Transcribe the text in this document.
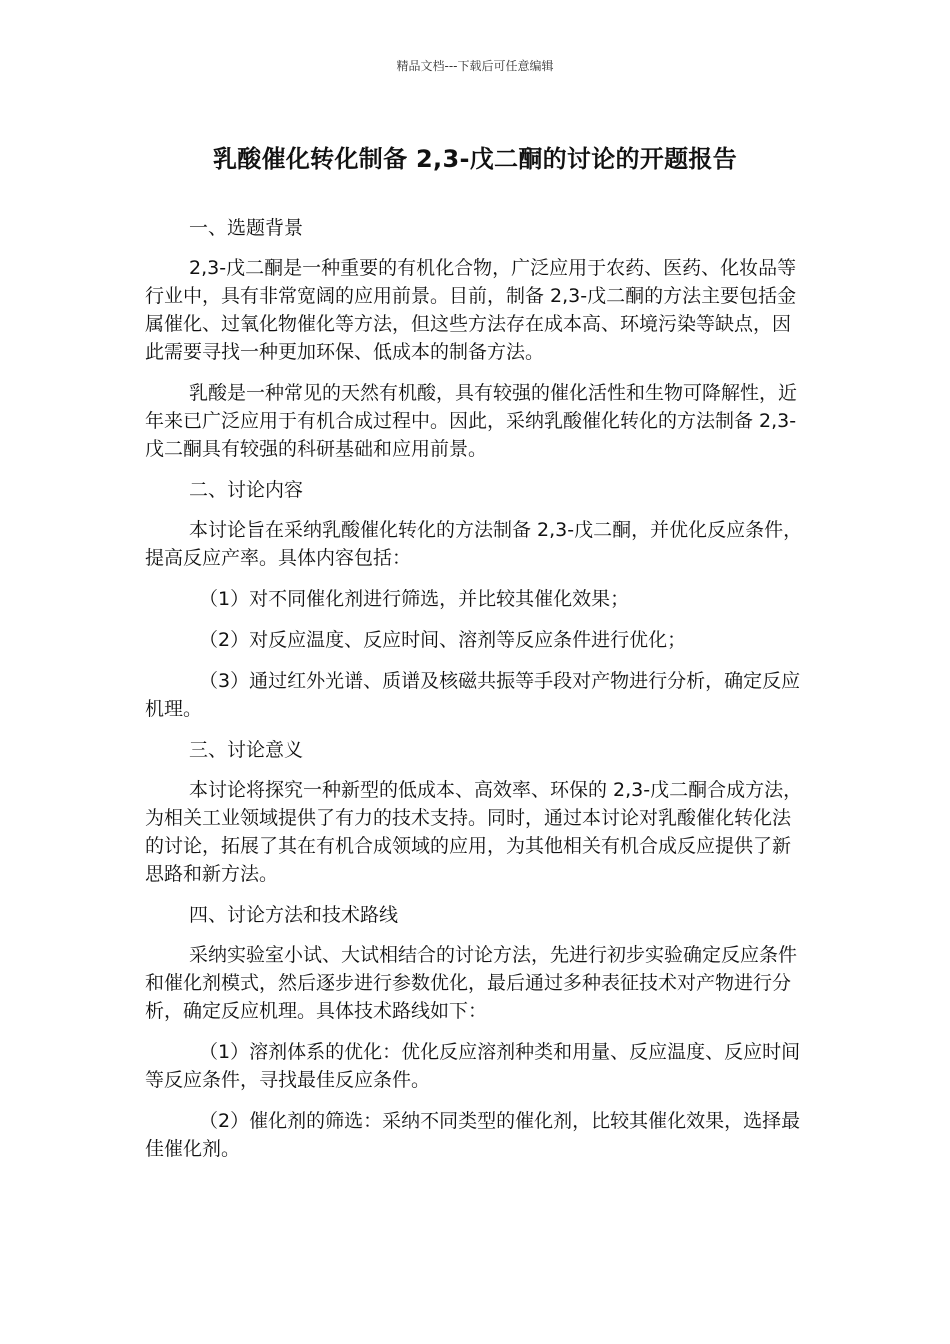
精品文档---下载后可任意编辑
乳酸催化转化制备 2,3-戊二酮的讨论的开题报告

一、选题背景

2,3-戊二酮是一种重要的有机化合物，广泛应用于农药、医药、化妆品等行业中，具有非常宽阔的应用前景。目前，制备 2,3-戊二酮的方法主要包括金属催化、过氧化物催化等方法，但这些方法存在成本高、环境污染等缺点，因此需要寻找一种更加环保、低成本的制备方法。

乳酸是一种常见的天然有机酸，具有较强的催化活性和生物可降解性，近年来已广泛应用于有机合成过程中。因此，采纳乳酸催化转化的方法制备 2,3-戊二酮具有较强的科研基础和应用前景。

二、讨论内容

本讨论旨在采纳乳酸催化转化的方法制备 2,3-戊二酮，并优化反应条件，提高反应产率。具体内容包括：

（1）对不同催化剂进行筛选，并比较其催化效果；

（2）对反应温度、反应时间、溶剂等反应条件进行优化；

（3）通过红外光谱、质谱及核磁共振等手段对产物进行分析，确定反应机理。

三、讨论意义

本讨论将探究一种新型的低成本、高效率、环保的 2,3-戊二酮合成方法，为相关工业领域提供了有力的技术支持。同时，通过本讨论对乳酸催化转化法的讨论，拓展了其在有机合成领域的应用，为其他相关有机合成反应提供了新思路和新方法。

四、讨论方法和技术路线

采纳实验室小试、大试相结合的讨论方法，先进行初步实验确定反应条件和催化剂模式，然后逐步进行参数优化，最后通过多种表征技术对产物进行分析，确定反应机理。具体技术路线如下：

（1）溶剂体系的优化：优化反应溶剂种类和用量、反应温度、反应时间等反应条件，寻找最佳反应条件。

（2）催化剂的筛选：采纳不同类型的催化剂，比较其催化效果，选择最佳催化剂。
